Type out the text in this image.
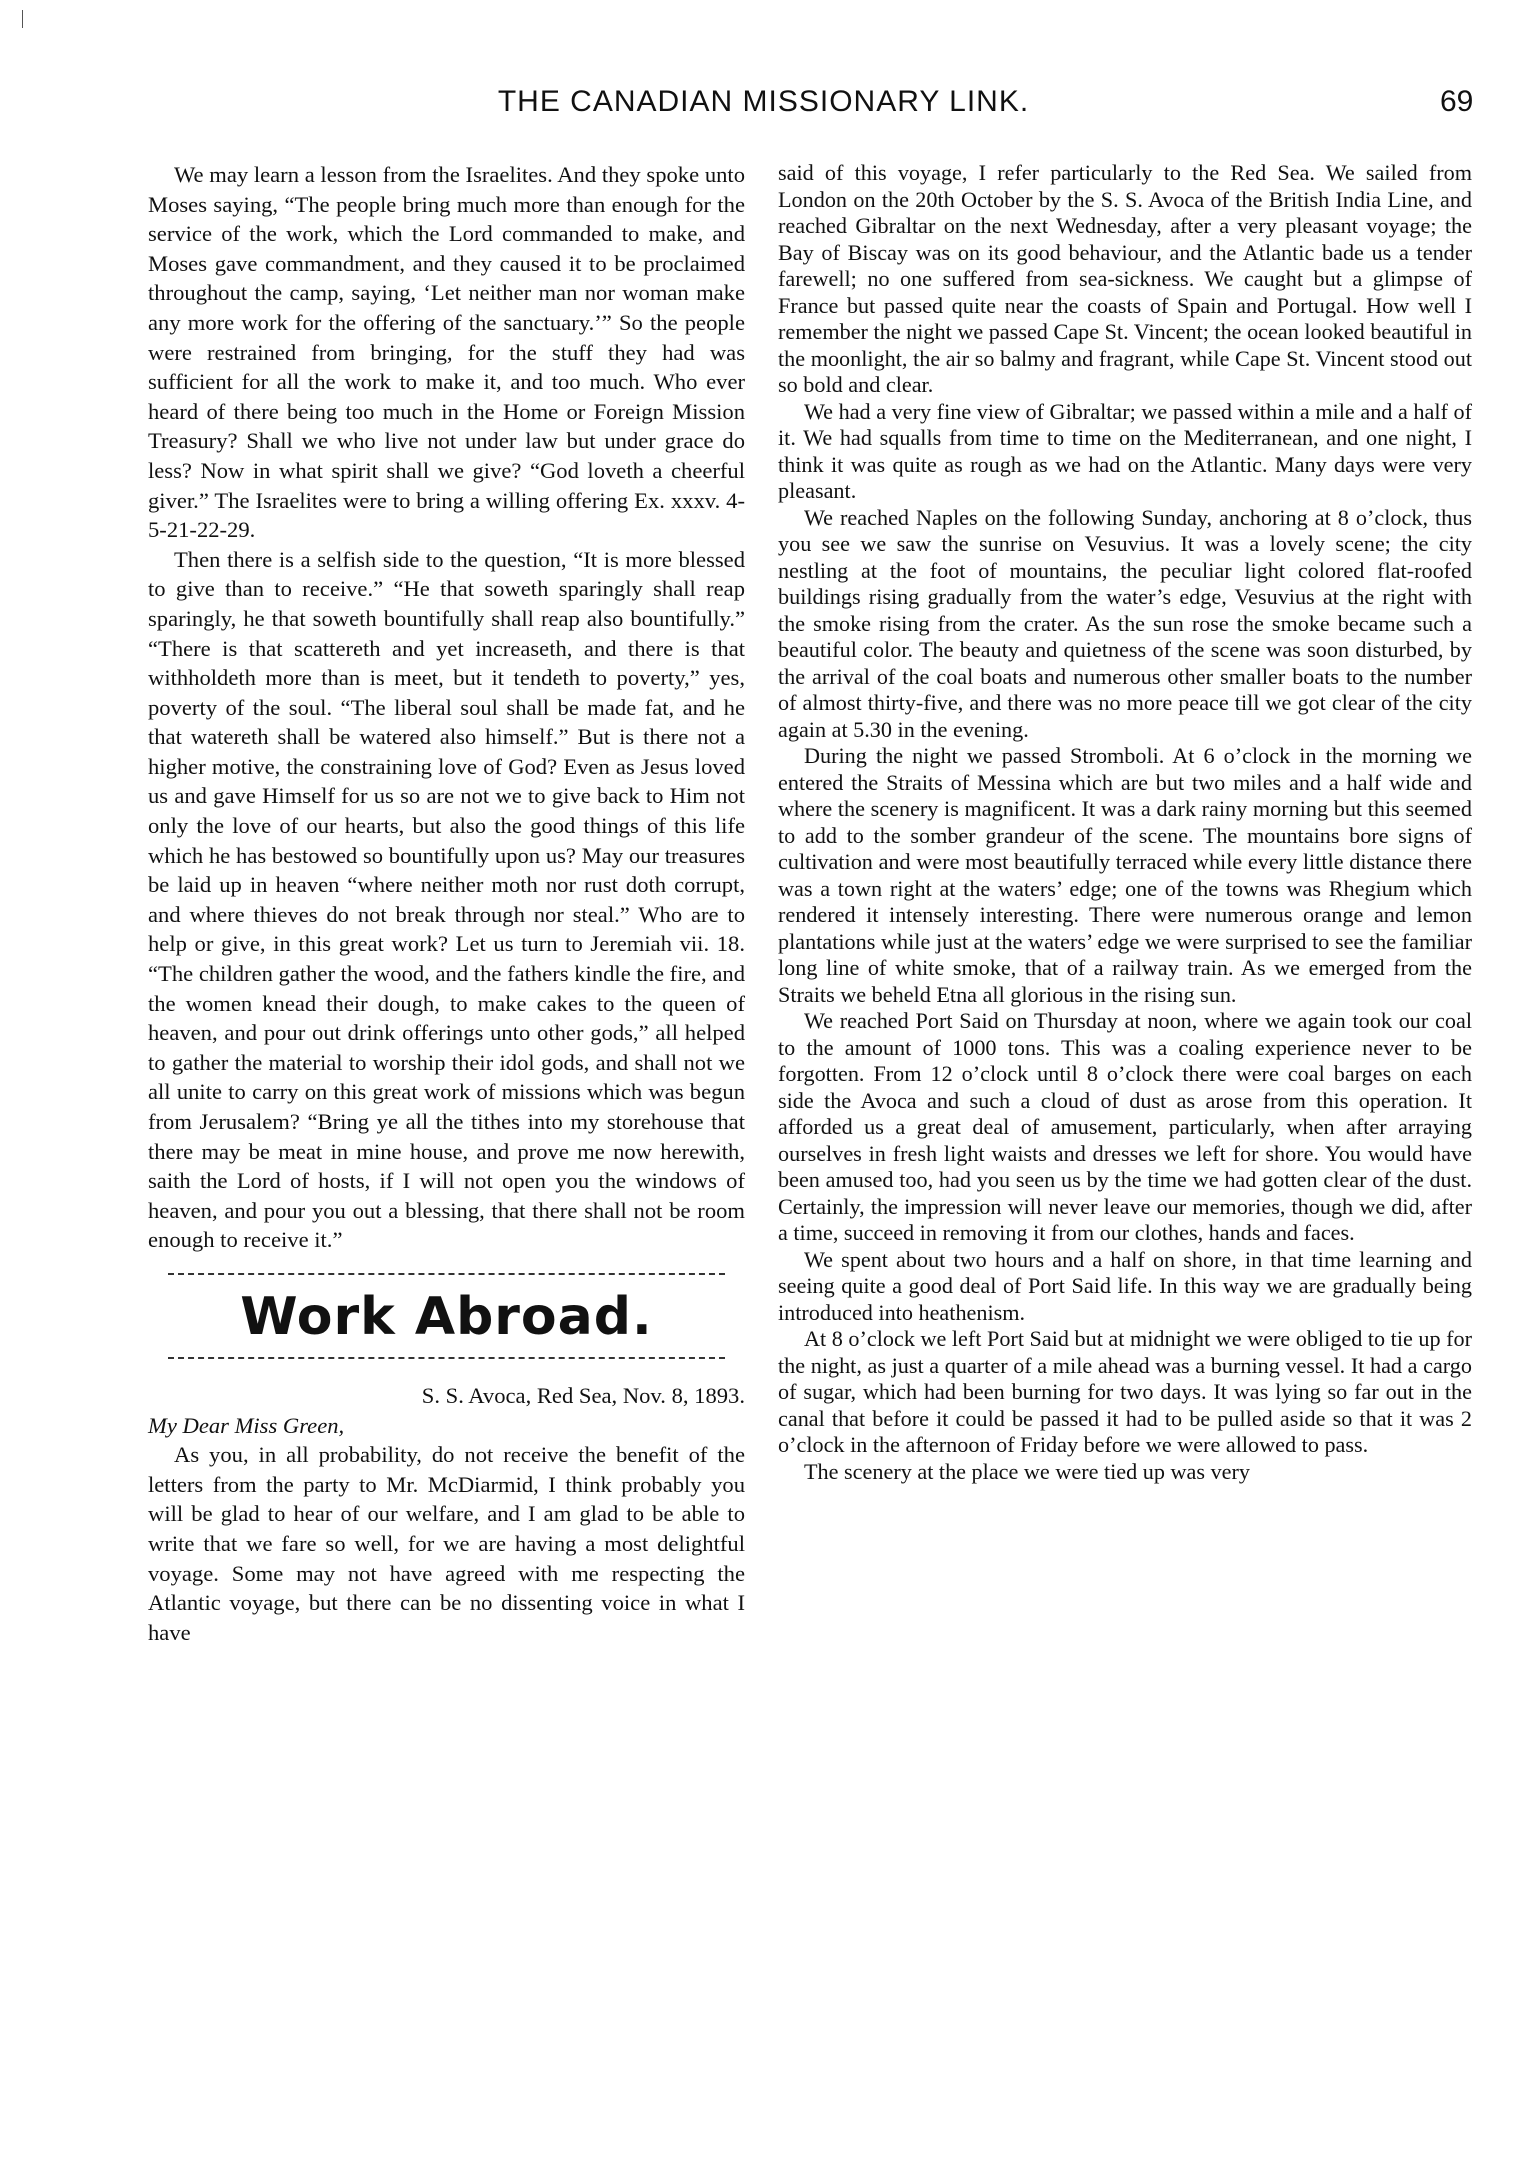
THE CANADIAN MISSIONARY LINK.	69

We may learn a lesson from the Israelites. And they spoke unto Moses saying, “The people bring much more than enough for the service of the work, which the Lord commanded to make, and Moses gave commandment, and they caused it to be proclaimed throughout the camp, saying, ‘Let neither man nor woman make any more work for the offering of the sanctuary.’” So the people were restrained from bringing, for the stuff they had was sufficient for all the work to make it, and too much. Who ever heard of there being too much in the Home or Foreign Mission Treasury? Shall we who live not under law but under grace do less? Now in what spirit shall we give? “God loveth a cheerful giver.” The Israelites were to bring a willing offering Ex. xxxv. 4-5-21-22-29.

Then there is a selfish side to the question, “It is more blessed to give than to receive.” “He that soweth sparingly shall reap sparingly, he that soweth bountifully shall reap also bountifully.” “There is that scattereth and yet increaseth, and there is that withholdeth more than is meet, but it tendeth to poverty,” yes, poverty of the soul. “The liberal soul shall be made fat, and he that watereth shall be watered also himself.” But is there not a higher motive, the constraining love of God? Even as Jesus loved us and gave Himself for us so are not we to give back to Him not only the love of our hearts, but also the good things of this life which he has bestowed so bountifully upon us? May our treasures be laid up in heaven “where neither moth nor rust doth corrupt, and where thieves do not break through nor steal.” Who are to help or give, in this great work? Let us turn to Jeremiah vii. 18. “The children gather the wood, and the fathers kindle the fire, and the women knead their dough, to make cakes to the queen of heaven, and pour out drink offerings unto other gods,” all helped to gather the material to worship their idol gods, and shall not we all unite to carry on this great work of missions which was begun from Jerusalem? “Bring ye all the tithes into my storehouse that there may be meat in mine house, and prove me now herewith, saith the Lord of hosts, if I will not open you the windows of heaven, and pour you out a blessing, that there shall not be room enough to receive it.”

Work Abroad.
S. S. Avoca, Red Sea, Nov. 8, 1893.

My Dear Miss Green,

As you, in all probability, do not receive the benefit of the letters from the party to Mr. McDiarmid, I think probably you will be glad to hear of our welfare, and I am glad to be able to write that we fare so well, for we are having a most delightful voyage. Some may not have agreed with me respecting the Atlantic voyage, but there can be no dissenting voice in what I have

said of this voyage, I refer particularly to the Red Sea. We sailed from London on the 20th October by the S. S. Avoca of the British India Line, and reached Gibraltar on the next Wednesday, after a very pleasant voyage; the Bay of Biscay was on its good behaviour, and the Atlantic bade us a tender farewell; no one suffered from sea-sickness. We caught but a glimpse of France but passed quite near the coasts of Spain and Portugal. How well I remember the night we passed Cape St. Vincent; the ocean looked beautiful in the moonlight, the air so balmy and fragrant, while Cape St. Vincent stood out so bold and clear.

We had a very fine view of Gibraltar; we passed within a mile and a half of it. We had squalls from time to time on the Mediterranean, and one night, I think it was quite as rough as we had on the Atlantic. Many days were very pleasant.

We reached Naples on the following Sunday, anchoring at 8 o’clock, thus you see we saw the sunrise on Vesuvius. It was a lovely scene; the city nestling at the foot of mountains, the peculiar light colored flat-roofed buildings rising gradually from the water’s edge, Vesuvius at the right with the smoke rising from the crater. As the sun rose the smoke became such a beautiful color. The beauty and quietness of the scene was soon disturbed, by the arrival of the coal boats and numerous other smaller boats to the number of almost thirty-five, and there was no more peace till we got clear of the city again at 5.30 in the evening.

During the night we passed Stromboli. At 6 o’clock in the morning we entered the Straits of Messina which are but two miles and a half wide and where the scenery is magnificent. It was a dark rainy morning but this seemed to add to the somber grandeur of the scene. The mountains bore signs of cultivation and were most beautifully terraced while every little distance there was a town right at the waters’ edge; one of the towns was Rhegium which rendered it intensely interesting. There were numerous orange and lemon plantations while just at the waters’ edge we were surprised to see the familiar long line of white smoke, that of a railway train. As we emerged from the Straits we beheld Etna all glorious in the rising sun.

We reached Port Said on Thursday at noon, where we again took our coal to the amount of 1000 tons. This was a coaling experience never to be forgotten. From 12 o’clock until 8 o’clock there were coal barges on each side the Avoca and such a cloud of dust as arose from this operation. It afforded us a great deal of amusement, particularly, when after arraying ourselves in fresh light waists and dresses we left for shore. You would have been amused too, had you seen us by the time we had gotten clear of the dust. Certainly, the impression will never leave our memories, though we did, after a time, succeed in removing it from our clothes, hands and faces.

We spent about two hours and a half on shore, in that time learning and seeing quite a good deal of Port Said life. In this way we are gradually being introduced into heathenism.

At 8 o’clock we left Port Said but at midnight we were obliged to tie up for the night, as just a quarter of a mile ahead was a burning vessel. It had a cargo of sugar, which had been burning for two days. It was lying so far out in the canal that before it could be passed it had to be pulled aside so that it was 2 o’clock in the afternoon of Friday before we were allowed to pass.

The scenery at the place we were tied up was very
